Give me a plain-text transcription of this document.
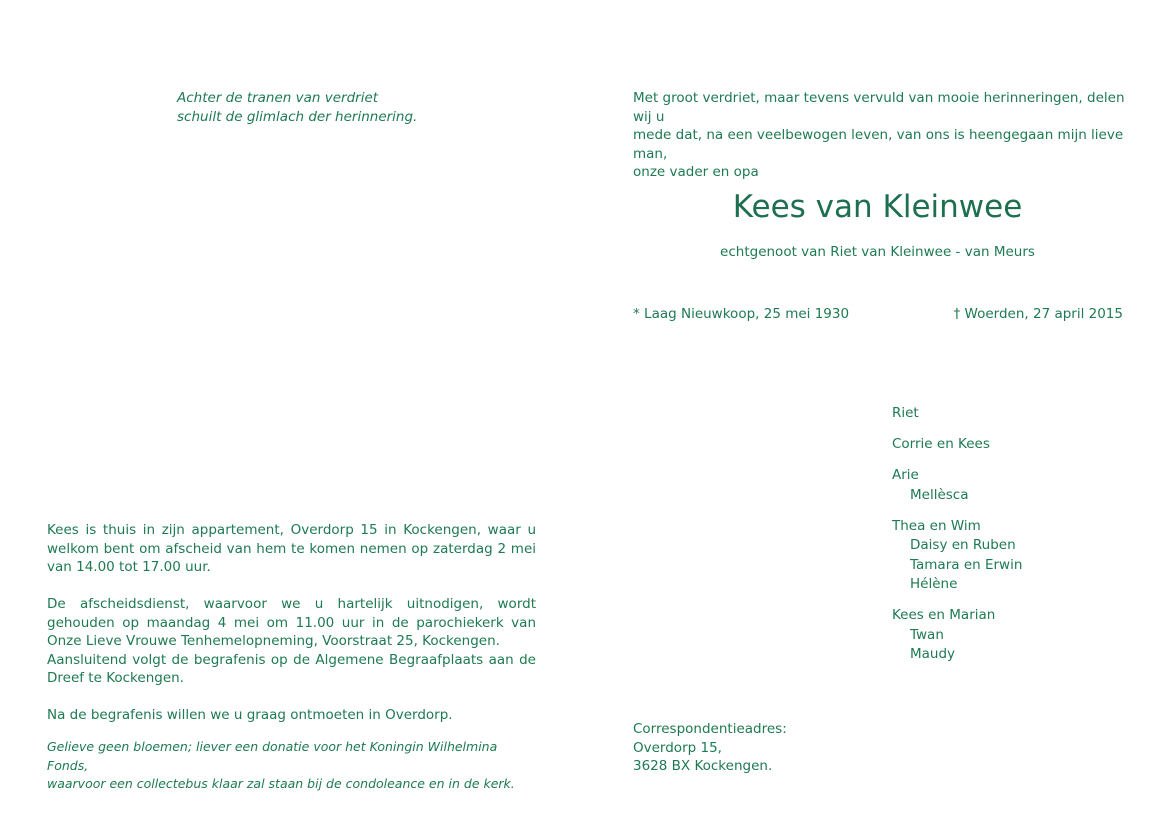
Achter de tranen van verdriet

schuilt de glimlach der herinnering.

Met groot verdriet, maar tevens vervuld van mooie herinneringen, delen wij u

mede dat, na een veelbewogen leven, van ons is heengegaan mijn lieve man,

onze vader en opa

Kees van Kleinwee
echtgenoot van Riet van Kleinwee - van Meurs
* Laag Nieuwkoop, 25 mei 1930	† Woerden, 27 april 2015

Riet

Corrie en Kees

Arie

Mellèsca

Thea en Wim

Daisy en Ruben

Tamara en Erwin

Hélène

Kees en Marian

Twan

Maudy

Kees is thuis in zijn appartement, Overdorp 15 in Kockengen, waar u welkom bent om afscheid van hem te komen nemen op zaterdag 2 mei van 14.00 tot 17.00 uur.

De afscheidsdienst, waarvoor we u hartelijk uitnodigen, wordt gehouden op maandag 4 mei om 11.00 uur in de parochiekerk van Onze Lieve Vrouwe Tenhemelopneming, Voorstraat 25, Kockengen.

Aansluitend volgt de begrafenis op de Algemene Begraafplaats aan de Dreef te Kockengen.

Na de begrafenis willen we u graag ontmoeten in Overdorp.

Gelieve geen bloemen; liever een donatie voor het Koningin Wilhelmina Fonds,

waarvoor een collectebus klaar zal staan bij de condoleance en in de kerk.

Correspondentieadres:

Overdorp 15,

3628 BX Kockengen.
